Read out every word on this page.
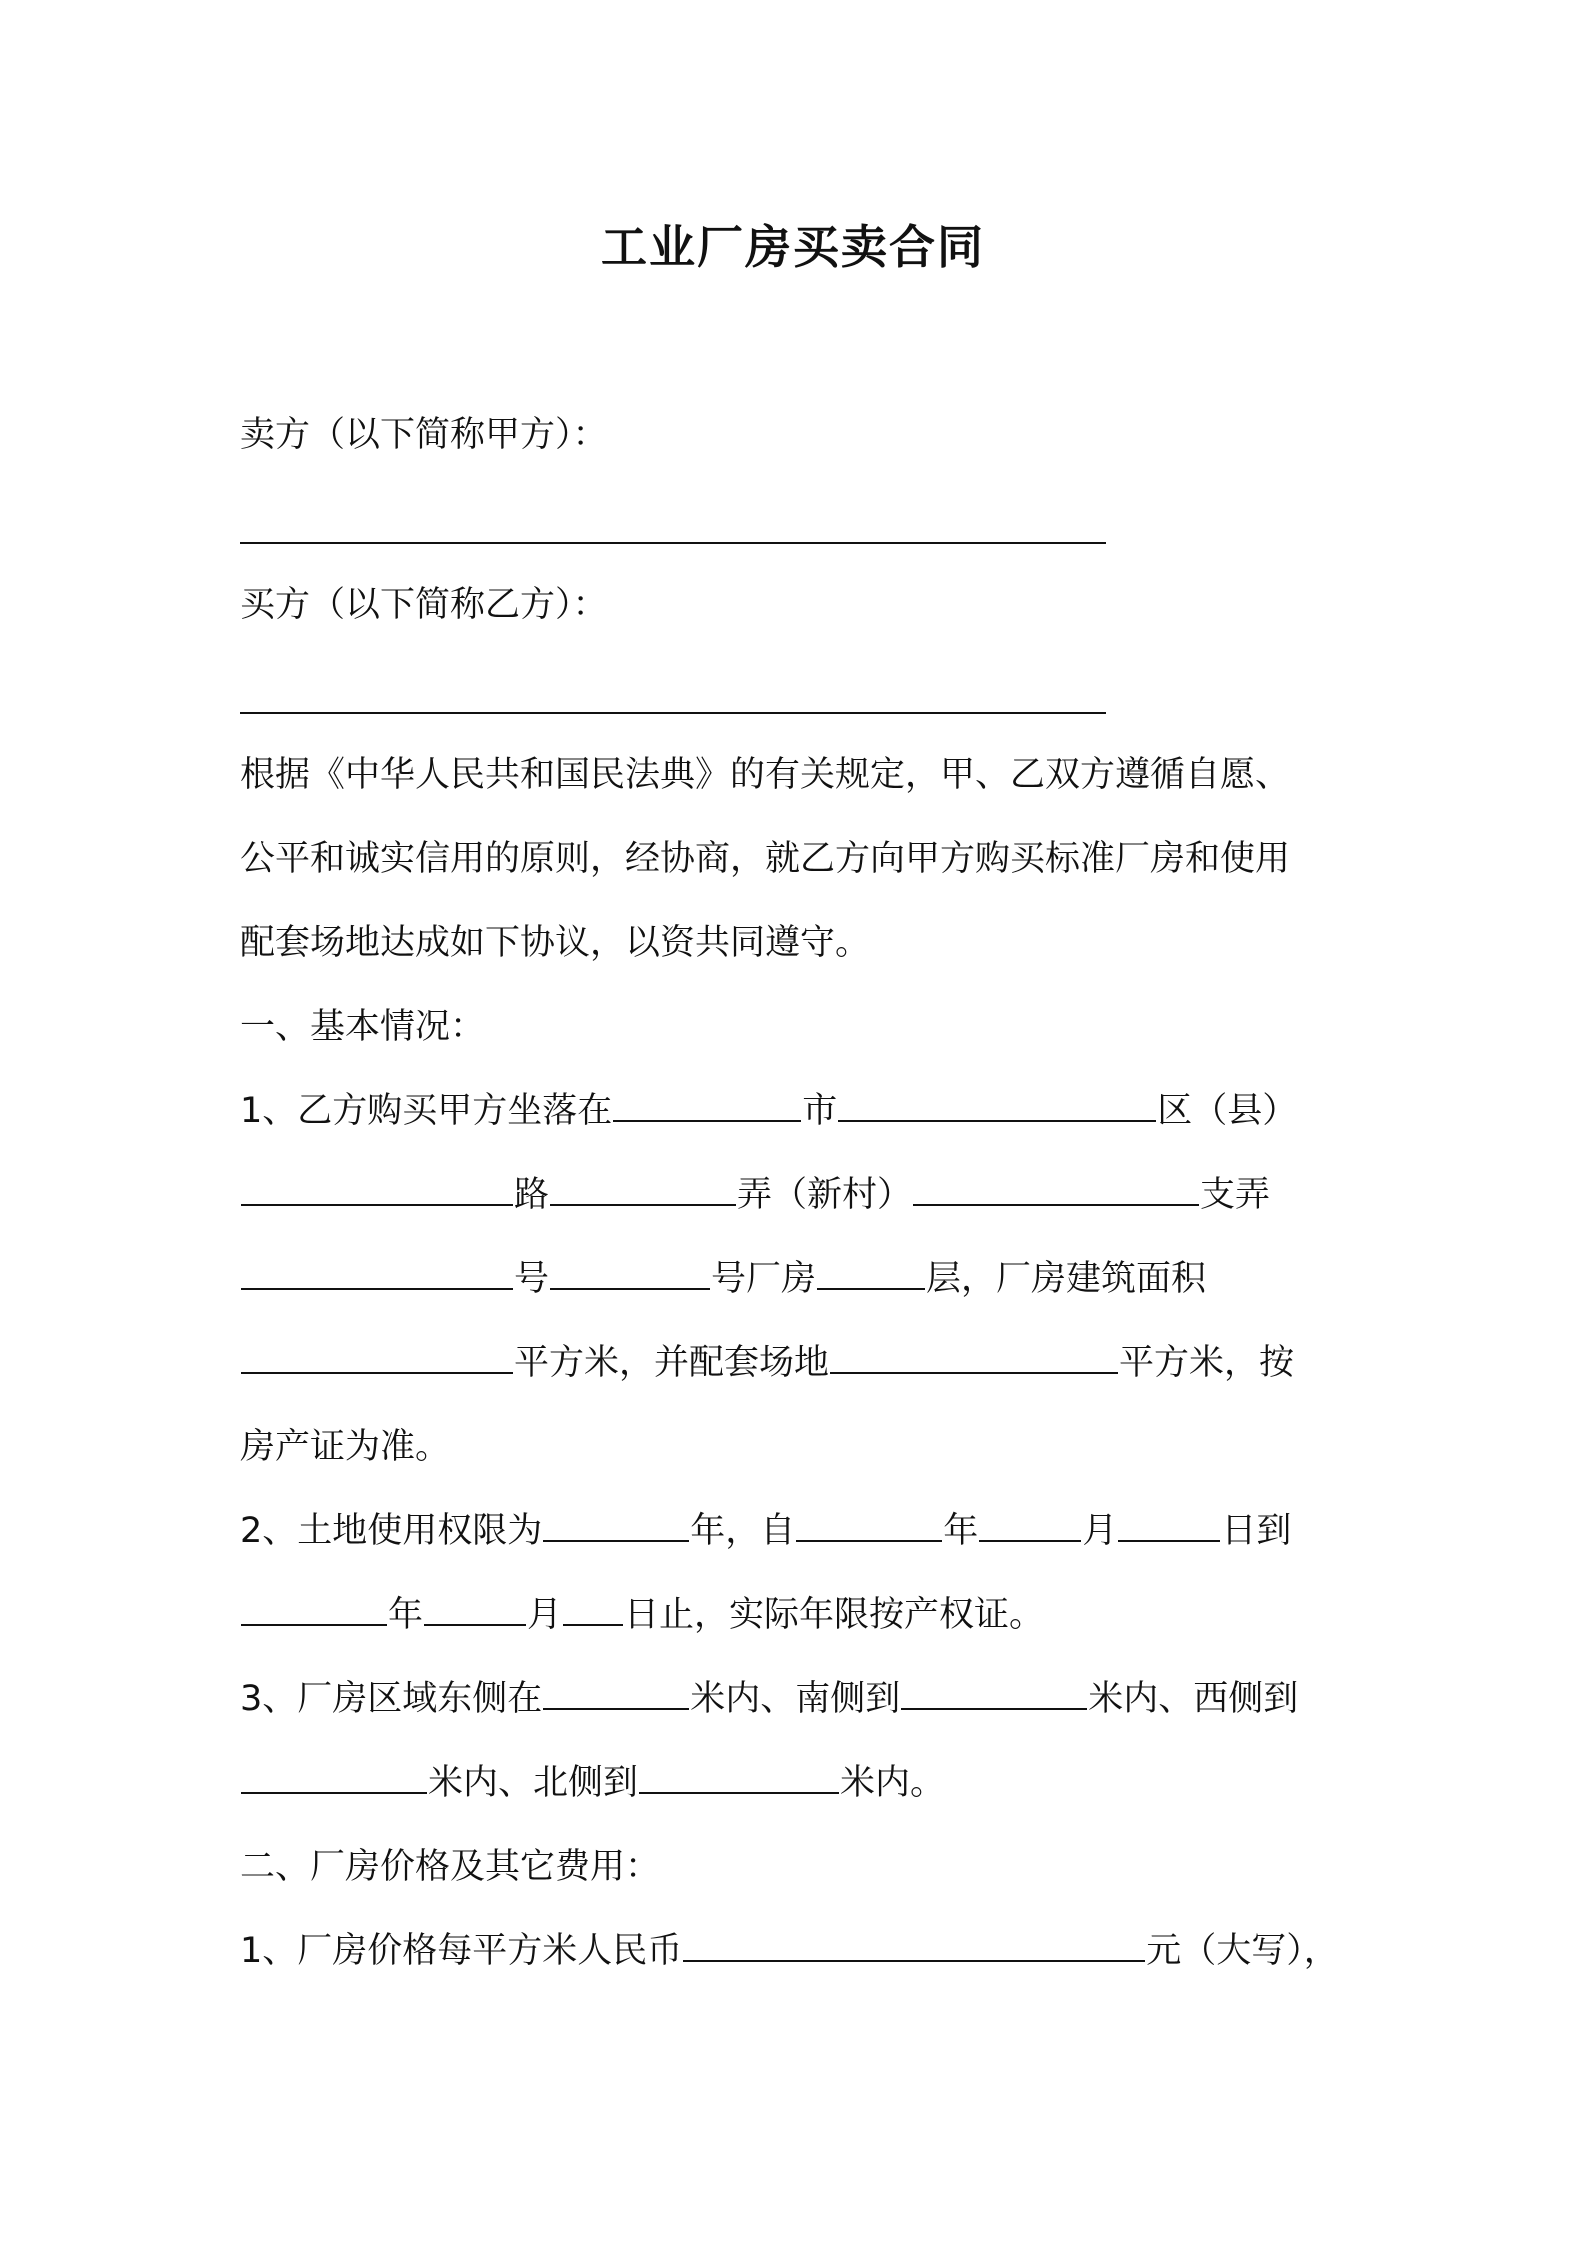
工业厂房买卖合同
卖方（以下简称甲方）：
买方（以下简称乙方）：
根据《中华人民共和国民法典》的有关规定，甲、乙双方遵循自愿、
公平和诚实信用的原则，经协商，就乙方向甲方购买标准厂房和使用
配套场地达成如下协议，以资共同遵守。
一、基本情况：
1、乙方购买甲方坐落在	市	区（县）
路	弄（新村）	支弄
号	号厂房	层，厂房建筑面积
平方米，并配套场地	平方米，按
房产证为准。
2、土地使用权限为	年，自	年	月	日到
年	月 日止，实际年限按产权证。
3、厂房区域东侧在	米内、南侧到	米内、西侧到
米内、北侧到	米内。
二、厂房价格及其它费用：
1、厂房价格每平方米人民币	元（大写），
